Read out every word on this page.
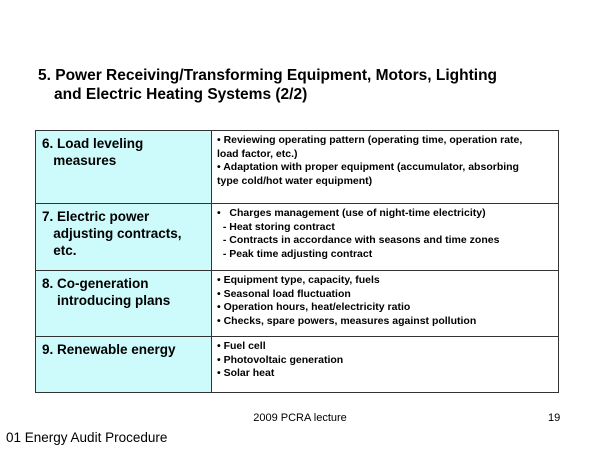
5. Power Receiving/Transforming Equipment, Motors, Lighting
and Electric Heating Systems (2/2)
6. Load leveling
measures	• Reviewing operating pattern (operating time, operation rate,
load factor, etc.)
• Adaptation with proper equipment (accumulator, absorbing
type cold/hot water equipment)

7. Electric power
adjusting contracts,
etc.	•   Charges management (use of night-time electricity)
- Heat storing contract
- Contracts in accordance with seasons and time zones
- Peak time adjusting contract

8. Co-generation
introducing plans	• Equipment type, capacity, fuels
• Seasonal load fluctuation
• Operation hours, heat/electricity ratio
• Checks, spare powers, measures against pollution

9. Renewable energy	• Fuel cell
• Photovoltaic generation
• Solar heat
2009 PCRA lecture	19
01 Energy Audit Procedure
